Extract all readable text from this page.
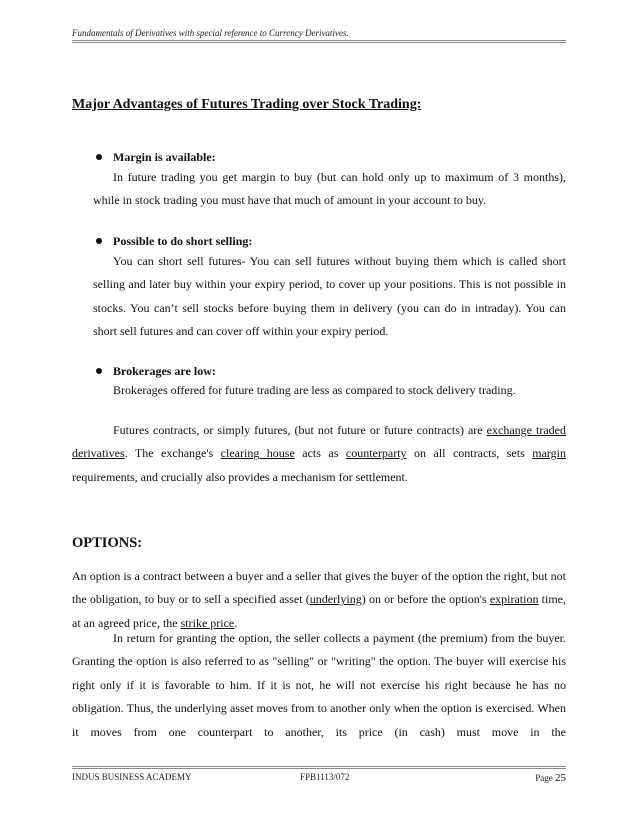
Fundamentals of Derivatives with special reference to Currency Derivatives.
Major Advantages of Futures Trading over Stock Trading:
Margin is available:
In future trading you get margin to buy (but can hold only up to maximum of 3 months), while in stock trading you must have that much of amount in your account to buy.
Possible to do short selling:
You can short sell futures- You can sell futures without buying them which is called short selling and later buy within your expiry period, to cover up your positions. This is not possible in stocks. You can’t sell stocks before buying them in delivery (you can do in intraday). You can short sell futures and can cover off within your expiry period.
Brokerages are low:
Brokerages offered for future trading are less as compared to stock delivery trading.
Futures contracts, or simply futures, (but not future or future contracts) are exchange traded derivatives. The exchange's clearing house acts as counterparty on all contracts, sets margin requirements, and crucially also provides a mechanism for settlement.
OPTIONS:
An option is a contract between a buyer and a seller that gives the buyer of the option the right, but not the obligation, to buy or to sell a specified asset (underlying) on or before the option's expiration time, at an agreed price, the strike price.
In return for granting the option, the seller collects a payment (the premium) from the buyer. Granting the option is also referred to as "selling" or "writing" the option. The buyer will exercise his right only if it is favorable to him. If it is not, he will not exercise his right because he has no obligation. Thus, the underlying asset moves from to another only when the option is exercised. When it moves from one counterpart to another, its price (in cash) must move in the
INDUS BUSINESS ACADEMY	FPB1113/072	Page 25
